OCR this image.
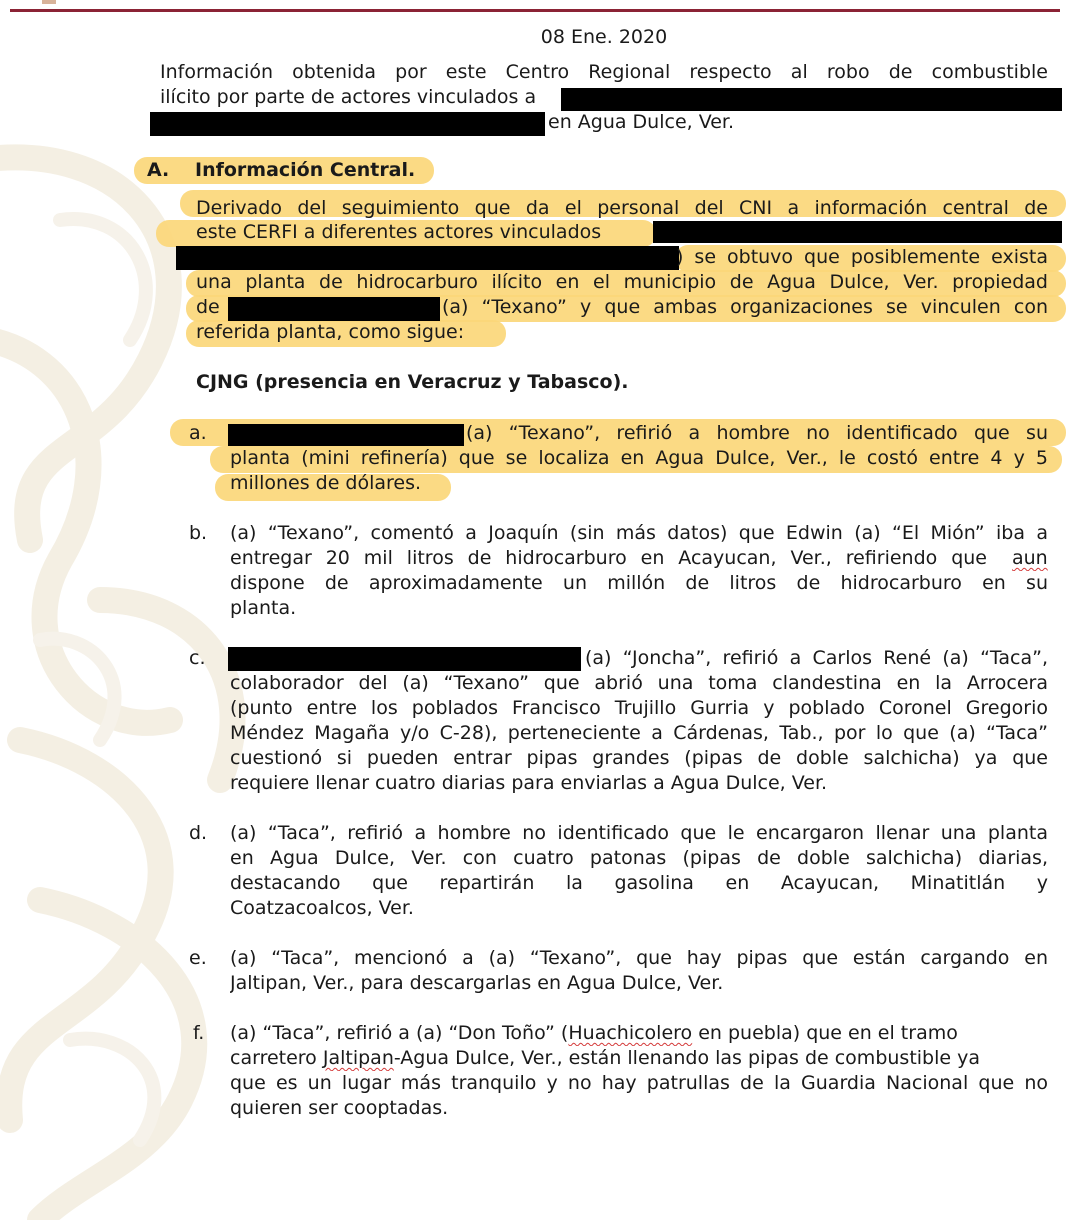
08 Ene. 2020
Información obtenida por este Centro Regional respecto al robo de combustible
ilícito por parte de actores vinculados a
en Agua Dulce, Ver.
A. Información Central.
Derivado del seguimiento que da el personal del CNI a información central de
este CERFI a diferentes actores vinculados
) se obtuvo que posiblemente exista
una planta de hidrocarburo ilícito en el municipio de Agua Dulce, Ver. propiedad
de	(a) “Texano” y que ambas organizaciones se vinculen con
referida planta, como sigue:
CJNG (presencia en Veracruz y Tabasco).
a.	(a) “Texano”, refirió a hombre no identificado que su
planta (mini refinería) que se localiza en Agua Dulce, Ver., le costó entre 4 y 5
millones de dólares.
b. (a) “Texano”, comentó a Joaquín (sin más datos) que Edwin (a) “El Mión” iba a
entregar 20 mil litros de hidrocarburo en Acayucan, Ver., refiriendo que aun
dispone de aproximadamente un millón de litros de hidrocarburo en su
planta.
c.	(a) “Joncha”, refirió a Carlos René (a) “Taca”,
colaborador del (a) “Texano” que abrió una toma clandestina en la Arrocera
(punto entre los poblados Francisco Trujillo Gurria y poblado Coronel Gregorio
Méndez Magaña y/o C-28), perteneciente a Cárdenas, Tab., por lo que (a) “Taca”
cuestionó si pueden entrar pipas grandes (pipas de doble salchicha) ya que
requiere llenar cuatro diarias para enviarlas a Agua Dulce, Ver.
d. (a) “Taca”, refirió a hombre no identificado que le encargaron llenar una planta
en Agua Dulce, Ver. con cuatro patonas (pipas de doble salchicha) diarias,
destacando que repartirán la gasolina en Acayucan, Minatitlán y
Coatzacoalcos, Ver.
e. (a) “Taca”, mencionó a (a) “Texano”, que hay pipas que están cargando en
Jaltipan, Ver., para descargarlas en Agua Dulce, Ver.
f. (a) “Taca”, refirió a (a) “Don Toño” (Huachicolero en puebla) que en el tramo
carretero Jaltipan-Agua Dulce, Ver., están llenando las pipas de combustible ya
que es un lugar más tranquilo y no hay patrullas de la Guardia Nacional que no
quieren ser cooptadas.
